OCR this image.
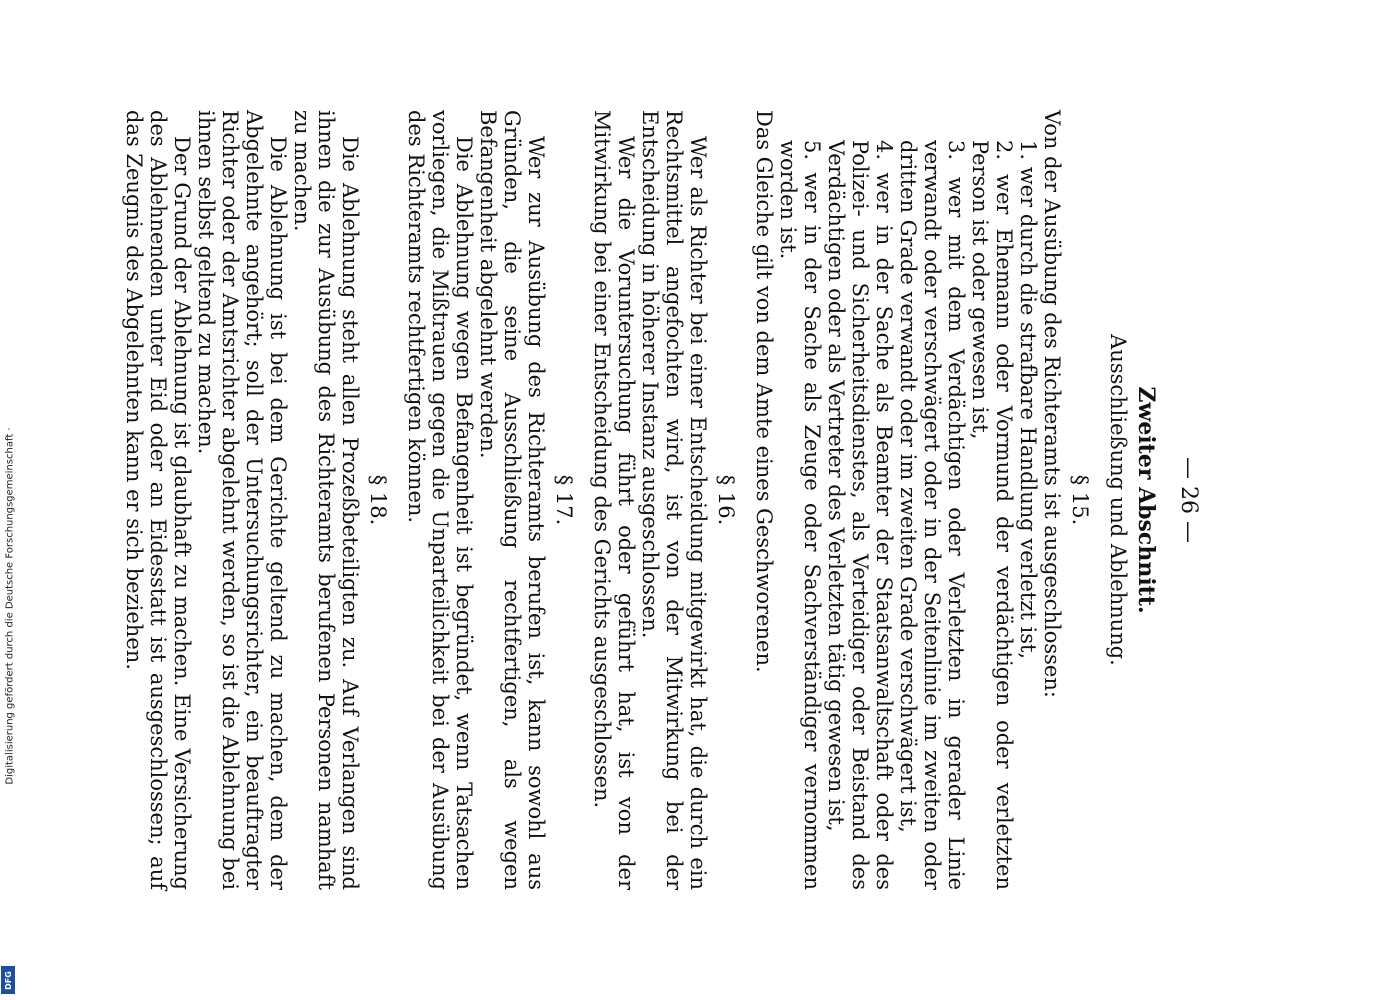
Digitalisierung gefördert durch die Deutsche Forschungsgemeinschaft ·
DFG
— 26 —
Zweiter Abschnitt.
Ausschließung und Ablehnung.
§ 15.

Von der Ausübung des Richteramts ist ausgeschlossen:

1. wer durch die strafbare Handlung verletzt ist,
2. wer Ehemann oder Vormund der verdächtigen oder verletzten Person ist oder gewesen ist,
3. wer mit dem Verdächtigen oder Verletzten in gerader Linie verwandt oder verschwägert oder in der Seitenlinie im zweiten oder dritten Grade verwandt oder im zweiten Grade verschwägert ist,
4. wer in der Sache als Beamter der Staatsanwaltschaft oder des Polizei- und Sicherheitsdienstes, als Verteidiger oder Beistand des Verdächtigen oder als Vertreter des Verletzten tätig gewesen ist,
5. wer in der Sache als Zeuge oder Sachverständiger vernommen worden ist.

Das Gleiche gilt von dem Amte eines Geschworenen.

§ 16.

Wer als Richter bei einer Entscheidung mitgewirkt hat, die durch ein Rechtsmittel angefochten wird, ist von der Mitwirkung bei der Entscheidung in höherer Instanz ausgeschlossen.

Wer die Voruntersuchung führt oder geführt hat, ist von der Mitwirkung bei einer Entscheidung des Gerichts ausgeschlossen.

§ 17.

Wer zur Ausübung des Richteramts berufen ist, kann sowohl aus Gründen, die seine Ausschließung rechtfertigen, als wegen Befangenheit abgelehnt werden.

Die Ablehnung wegen Befangenheit ist begründet, wenn Tatsachen vorliegen, die Mißtrauen gegen die Unparteilichkeit bei der Ausübung des Richteramts rechtfertigen können.

§ 18.

Die Ablehnung steht allen Prozeßbeteiligten zu. Auf Verlangen sind ihnen die zur Ausübung des Richteramts berufenen Personen namhaft zu machen.

Die Ablehnung ist bei dem Gerichte geltend zu machen, dem der Abgelehnte angehört; soll der Untersuchungsrichter, ein beauftragter Richter oder der Amtsrichter abgelehnt werden, so ist die Ablehnung bei ihnen selbst geltend zu machen.

Der Grund der Ablehnung ist glaubhaft zu machen. Eine Versicherung des Ablehnenden unter Eid oder an Eidesstatt ist ausgeschlossen; auf das Zeugnis des Abgelehnten kann er sich beziehen.
